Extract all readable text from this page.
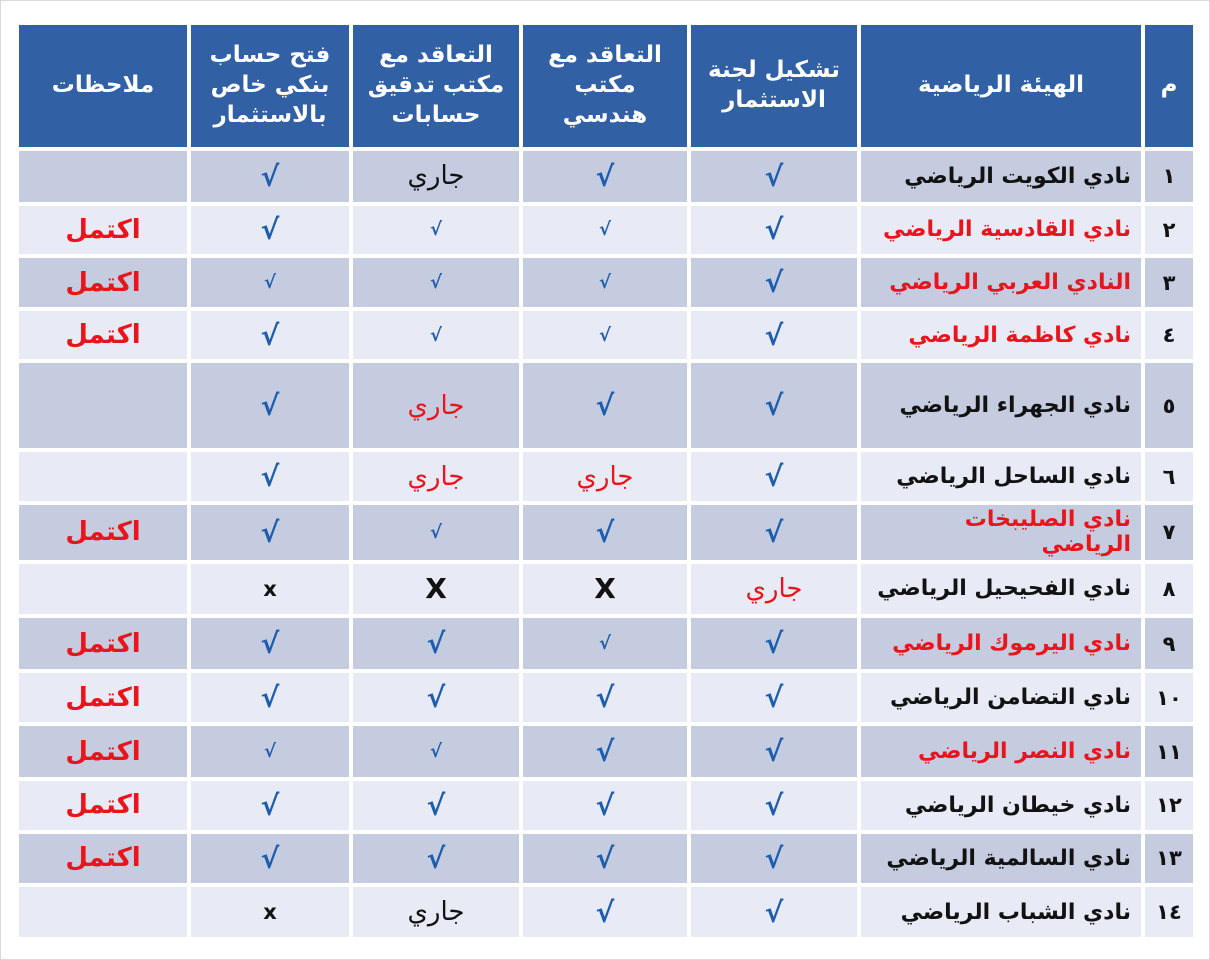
م	الهيئة الرياضية	تشكيل لجنة الاستثمار	التعاقد مع مكتب هندسي	التعاقد مع مكتب تدقيق حسابات	فتح حساب بنكي خاص بالاستثمار	ملاحظات
١	نادي الكويت الرياضي	√	√	جاري	√	
٢	نادي القادسية الرياضي	√	√	√	√	اكتمل
٣	النادي العربي الرياضي	√	√	√	√	اكتمل
٤	نادي كاظمة الرياضي	√	√	√	√	اكتمل
٥	نادي الجهراء الرياضي	√	√	جاري	√	
٦	نادي الساحل الرياضي	√	جاري	جاري	√	
٧	نادي الصليبخات الرياضي	√	√	√	√	اكتمل
٨	نادي الفحيحيل الرياضي	جاري	X	X	x	
٩	نادي اليرموك الرياضي	√	√	√	√	اكتمل
١٠	نادي التضامن الرياضي	√	√	√	√	اكتمل
١١	نادي النصر الرياضي	√	√	√	√	اكتمل
١٢	نادي خيطان الرياضي	√	√	√	√	اكتمل
١٣	نادي السالمية الرياضي	√	√	√	√	اكتمل
١٤	نادي الشباب الرياضي	√	√	جاري	x	
